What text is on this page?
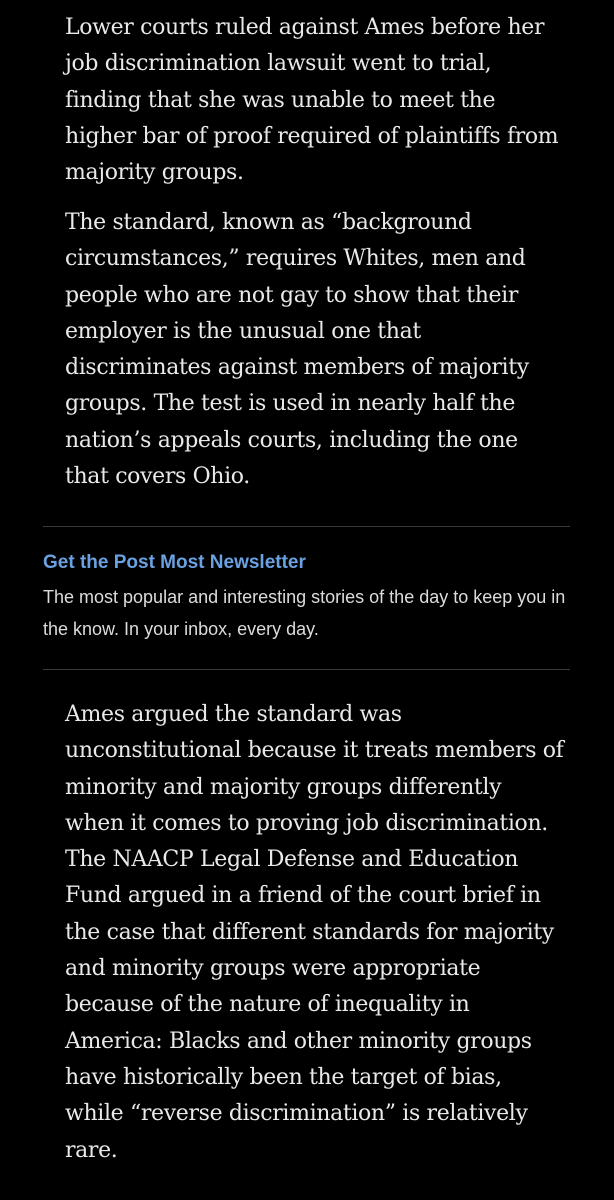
Lower courts ruled against Ames before her job discrimination lawsuit went to trial, finding that she was unable to meet the higher bar of proof required of plaintiffs from majority groups.

The standard, known as “background circumstances,” requires Whites, men and people who are not gay to show that their employer is the unusual one that discriminates against members of majority groups. The test is used in nearly half the nation’s appeals courts, including the one that covers Ohio.

Get the Post Most Newsletter

The most popular and interesting stories of the day to keep you in the know. In your inbox, every day.

Ames argued the standard was unconstitutional because it treats members of minority and majority groups differently when it comes to proving job discrimination. The NAACP Legal Defense and Education Fund argued in a friend of the court brief in the case that different standards for majority and minority groups were appropriate because of the nature of inequality in America: Blacks and other minority groups have historically been the target of bias, while “reverse discrimination” is relatively rare.
